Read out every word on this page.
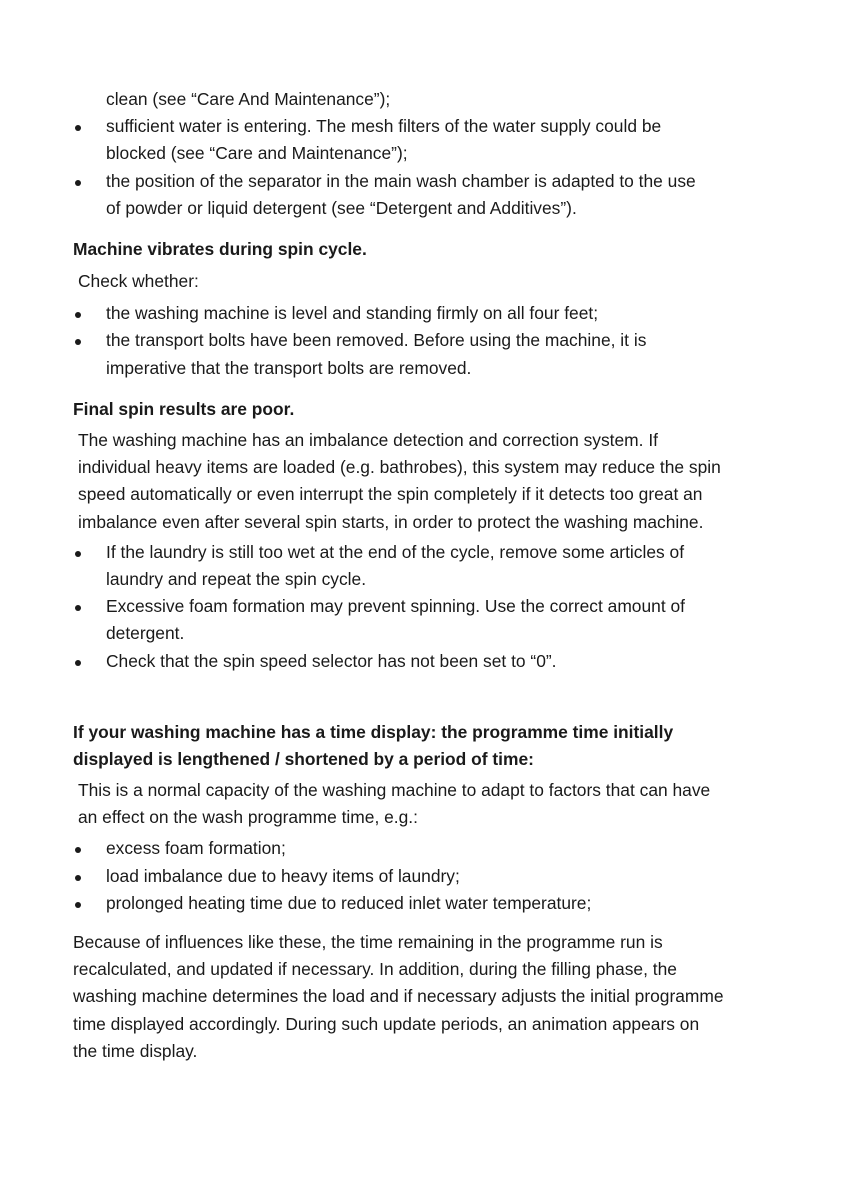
clean (see “Care And Maintenance”);

sufficient water is entering. The mesh filters of the water supply could be blocked (see “Care and Maintenance”);
the position of the separator in the main wash chamber is adapted to the use of powder or liquid detergent (see “Detergent and Additives”).
Machine vibrates during spin cycle.

Check whether:

the washing machine is level and standing firmly on all four feet;
the transport bolts have been removed. Before using the machine, it is imperative that the transport bolts are removed.
Final spin results are poor.

The washing machine has an imbalance detection and correction system. If individual heavy items are loaded (e.g. bathrobes), this system may reduce the spin speed automatically or even interrupt the spin completely if it detects too great an imbalance even after several spin starts, in order to protect the washing machine.

If the laundry is still too wet at the end of the cycle, remove some articles of laundry and repeat the spin cycle.
Excessive foam formation may prevent spinning. Use the correct amount of detergent.
Check that the spin speed selector has not been set to “0”.
If your washing machine has a time display: the programme time initially displayed is lengthened / shortened by a period of time:

This is a normal capacity of the washing machine to adapt to factors that can have an effect on the wash programme time, e.g.:

excess foam formation;
load imbalance due to heavy items of laundry;
prolonged heating time due to reduced inlet water temperature;

Because of influences like these, the time remaining in the programme run is recalculated, and updated if necessary. In addition, during the filling phase, the washing machine determines the load and if necessary adjusts the initial programme time displayed accordingly. During such update periods, an animation appears on the time display.
